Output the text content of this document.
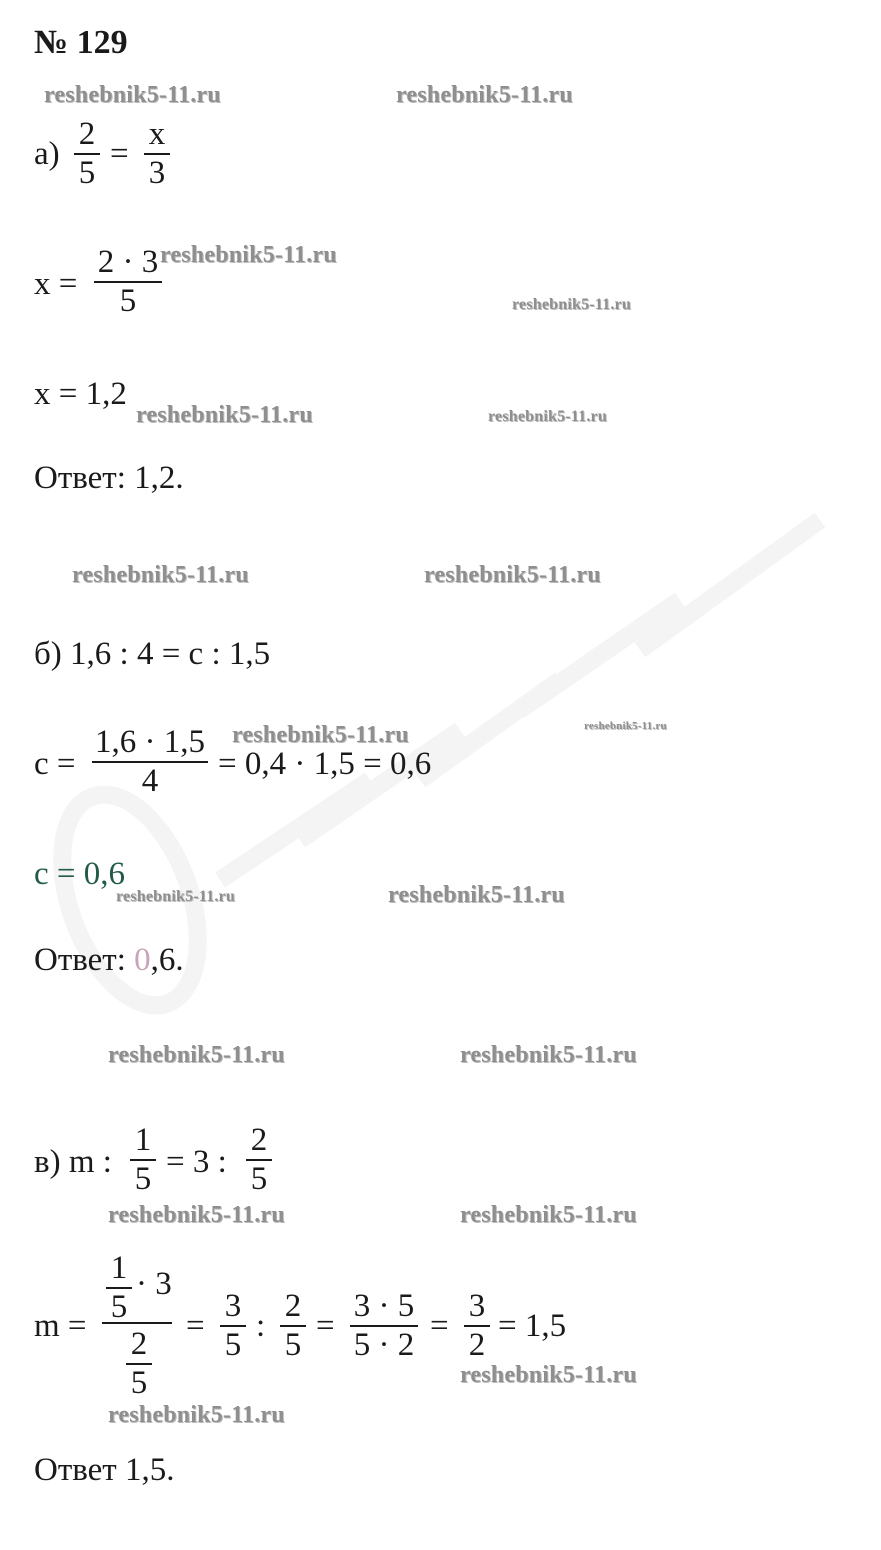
№ 129
reshebnik5-11.ru	reshebnik5-11.ru
reshebnik5-11.ru
reshebnik5-11.ru
reshebnik5-11.ru	reshebnik5-11.ru
reshebnik5-11.ru	reshebnik5-11.ru
reshebnik5-11.ru	reshebnik5-11.ru
reshebnik5-11.ru	reshebnik5-11.ru
reshebnik5-11.ru	reshebnik5-11.ru
reshebnik5-11.ru	reshebnik5-11.ru
reshebnik5-11.ru
reshebnik5-11.ru
а)
2
5
=
x
3
x =
2 · 3
5
x = 1,2
Ответ: 1,2.
б) 1,6 : 4 = c : 1,5
c =
1,6 · 1,5
4	= 0,4 · 1,5 = 0,6
c = 0,6
Ответ: 0,6.
в) m :
1
5 = 3 :
2
5
m =
1
5
· 3
2
5
=
3
5
:
2
5
=
3 · 5
5 · 2
=
3
2
= 1,5
Ответ 1,5.
